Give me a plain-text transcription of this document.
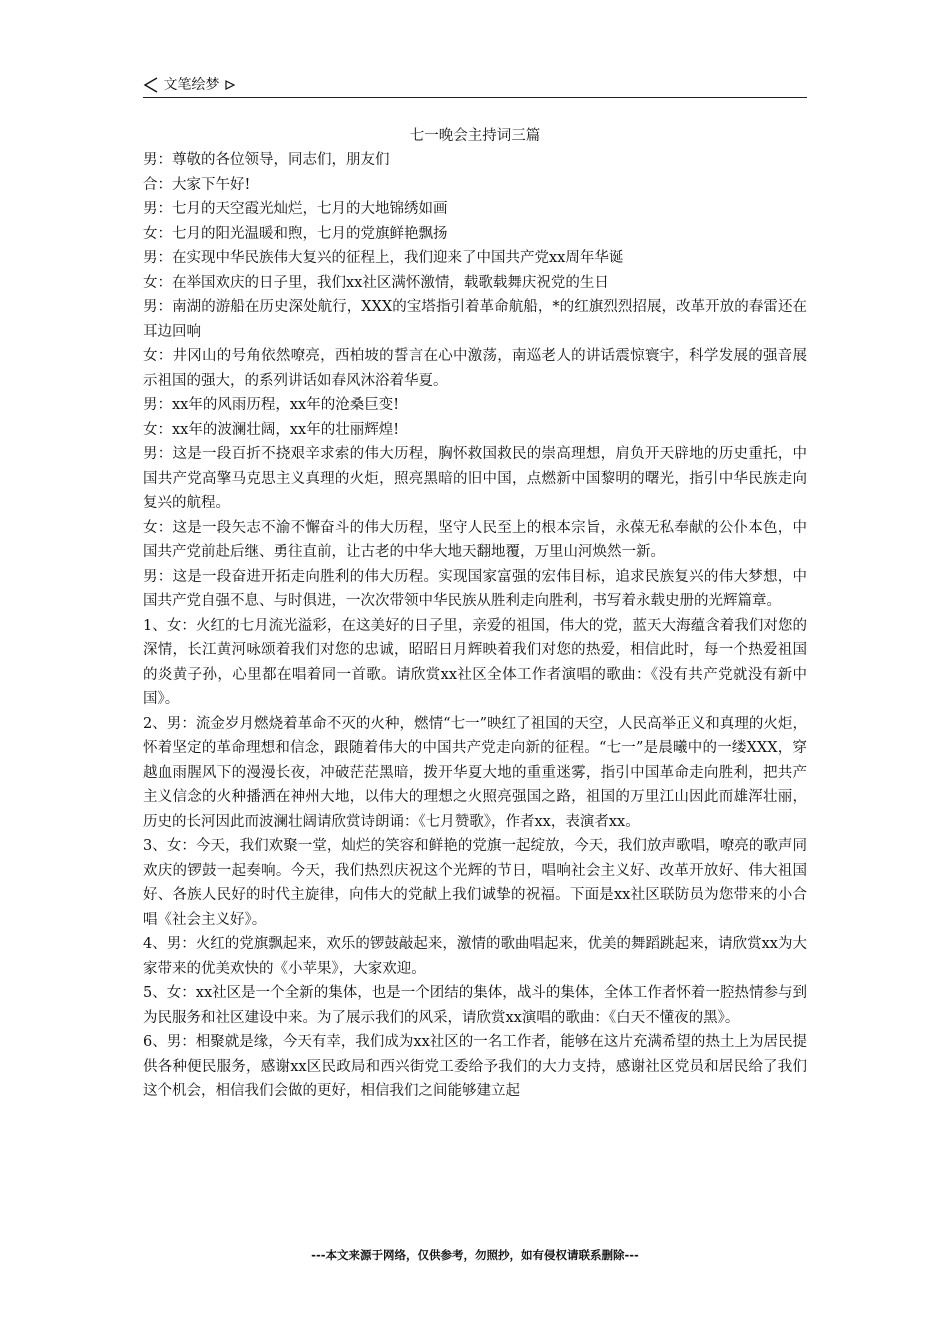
文笔绘梦
七一晚会主持词三篇

男：尊敬的各位领导，同志们，朋友们

合：大家下午好!

男：七月的天空霞光灿烂，七月的大地锦绣如画

女：七月的阳光温暖和煦，七月的党旗鲜艳飘扬

男：在实现中华民族伟大复兴的征程上，我们迎来了中国共产党xx周年华诞

女：在举国欢庆的日子里，我们xx社区满怀激情，载歌载舞庆祝党的生日

男：南湖的游船在历史深处航行，XXX的宝塔指引着革命航船，*的红旗烈烈招展，改革开放的春雷还在耳边回响

女：井冈山的号角依然嘹亮，西柏坡的誓言在心中激荡，南巡老人的讲话震惊寰宇，科学发展的强音展示祖国的强大，的系列讲话如春风沐浴着华夏。

男：xx年的风雨历程，xx年的沧桑巨变!

女：xx年的波澜壮阔，xx年的壮丽辉煌!

男：这是一段百折不挠艰辛求索的伟大历程，胸怀救国救民的崇高理想，肩负开天辟地的历史重托，中国共产党高擎马克思主义真理的火炬，照亮黑暗的旧中国，点燃新中国黎明的曙光，指引中华民族走向复兴的航程。

女：这是一段矢志不渝不懈奋斗的伟大历程，坚守人民至上的根本宗旨，永葆无私奉献的公仆本色，中国共产党前赴后继、勇往直前，让古老的中华大地天翻地覆，万里山河焕然一新。

男：这是一段奋进开拓走向胜利的伟大历程。实现国家富强的宏伟目标，追求民族复兴的伟大梦想，中国共产党自强不息、与时俱进，一次次带领中华民族从胜利走向胜利，书写着永载史册的光辉篇章。

1、女：火红的七月流光溢彩，在这美好的日子里，亲爱的祖国，伟大的党，蓝天大海蕴含着我们对您的深情，长江黄河咏颂着我们对您的忠诚，昭昭日月辉映着我们对您的热爱，相信此时，每一个热爱祖国的炎黄子孙，心里都在唱着同一首歌。请欣赏xx社区全体工作者演唱的歌曲：《没有共产党就没有新中国》。

2、男：流金岁月燃烧着革命不灭的火种，燃情“七一”映红了祖国的天空，人民高举正义和真理的火炬，怀着坚定的革命理想和信念，跟随着伟大的中国共产党走向新的征程。“七一”是晨曦中的一缕XXX，穿越血雨腥风下的漫漫长夜，冲破茫茫黑暗，拨开华夏大地的重重迷雾，指引中国革命走向胜利，把共产主义信念的火种播洒在神州大地，以伟大的理想之火照亮强国之路，祖国的万里江山因此而雄浑壮丽，历史的长河因此而波澜壮阔请欣赏诗朗诵：《七月赞歌》，作者xx，表演者xx。

3、女：今天，我们欢聚一堂，灿烂的笑容和鲜艳的党旗一起绽放，今天，我们放声歌唱，嘹亮的歌声同欢庆的锣鼓一起奏响。今天，我们热烈庆祝这个光辉的节日，唱响社会主义好、改革开放好、伟大祖国好、各族人民好的时代主旋律，向伟大的党献上我们诚挚的祝福。下面是xx社区联防员为您带来的小合唱《社会主义好》。

4、男：火红的党旗飘起来，欢乐的锣鼓敲起来，激情的歌曲唱起来，优美的舞蹈跳起来，请欣赏xx为大家带来的优美欢快的《小苹果》，大家欢迎。

5、女：xx社区是一个全新的集体，也是一个团结的集体，战斗的集体，全体工作者怀着一腔热情参与到为民服务和社区建设中来。为了展示我们的风采，请欣赏xx演唱的歌曲：《白天不懂夜的黑》。

6、男：相聚就是缘，今天有幸，我们成为xx社区的一名工作者，能够在这片充满希望的热土上为居民提供各种便民服务，感谢xx区民政局和西兴街党工委给予我们的大力支持，感谢社区党员和居民给了我们这个机会，相信我们会做的更好，相信我们之间能够建立起

---本文来源于网络，仅供参考，勿照抄，如有侵权请联系删除---
